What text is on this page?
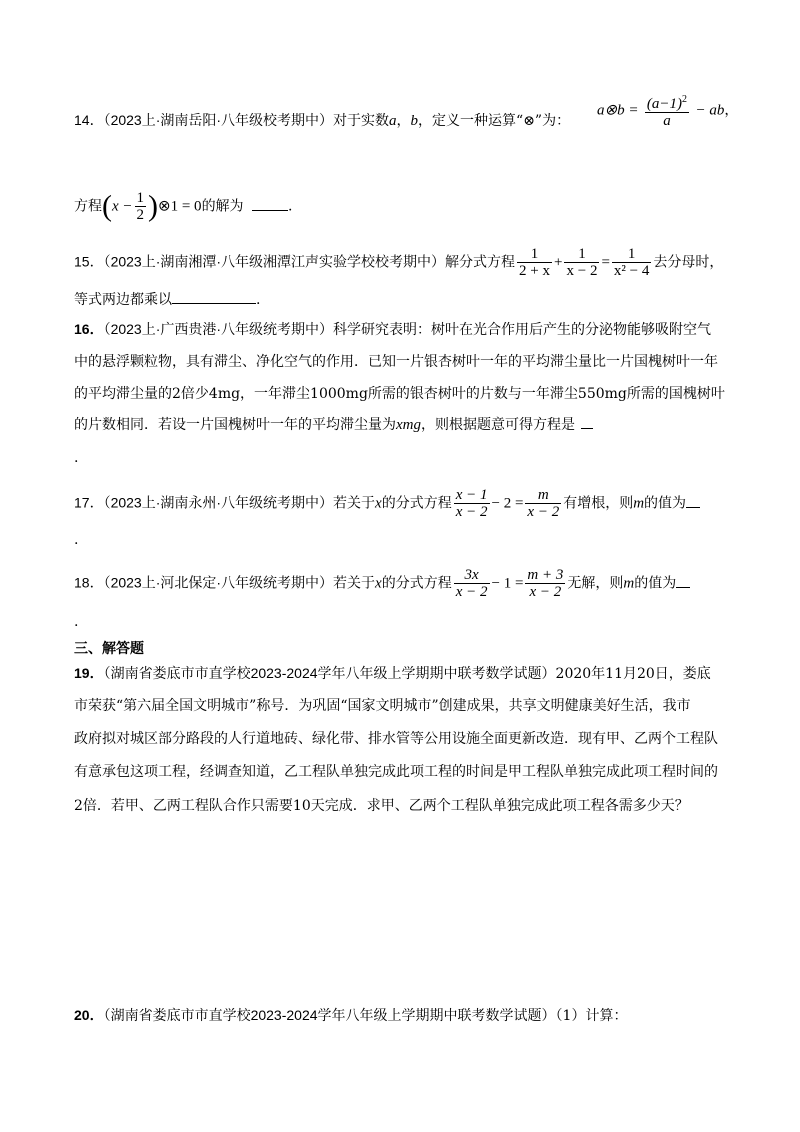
14．（2023上·湖南岳阳·八年级校考期中）对于实数a，b，定义一种运算“⊗”为：
a⊗b = $\frac{(a-1)^2}{a}$ − ab，
方程($x - \frac{1}{2}$ )⊗1 = 0的解为	.
15．（2023上·湖南湘潭·八年级湘潭江声实验学校校考期中）解分式方程 $\frac{1}{2 + x} + \frac{1}{x - 2} = \frac{1}{\text{x² − 4}}$ 去分母时，
等式两边都乘以	.
16．（2023上·广西贵港·八年级统考期中）科学研究表明：树叶在光合作用后产生的分泌物能够吸附空气
中的悬浮颗粒物，具有滞尘、净化空气的作用．已知一片银杏树叶一年的平均滞尘量比一片国槐树叶一年
的平均滞尘量的2倍少4mg，一年滞尘1000mg所需的银杏树叶的片数与一年滞尘550mg所需的国槐树叶
的片数相同．若设一片国槐树叶一年的平均滞尘量为xmg，则根据题意可得方程是
.
17．（2023上·湖南永州·八年级统考期中）若关于x的分式方程 $\frac{x - 1}{x - 2} - 2 = \frac{m}{x - 2}$ 有增根，则m的值为
.
18．（2023上·河北保定·八年级统考期中）若关于x的分式方程 $\frac{3x}{x - 2} - 1 = \frac{m + 3}{x - 2}$ 无解，则m的值为
.
三、解答题
19．（湖南省娄底市市直学校2023-2024学年八年级上学期期中联考数学试题）2020年11月20日，娄底
市荣获“第六届全国文明城市”称号．为巩固“国家文明城市”创建成果，共享文明健康美好生活，我市
政府拟对城区部分路段的人行道地砖、绿化带、排水管等公用设施全面更新改造．现有甲、乙两个工程队
有意承包这项工程，经调查知道，乙工程队单独完成此项工程的时间是甲工程队单独完成此项工程时间的
2倍．若甲、乙两工程队合作只需要10天完成．求甲、乙两个工程队单独完成此项工程各需多少天？
20．（湖南省娄底市市直学校2023-2024学年八年级上学期期中联考数学试题）（1）计算：
